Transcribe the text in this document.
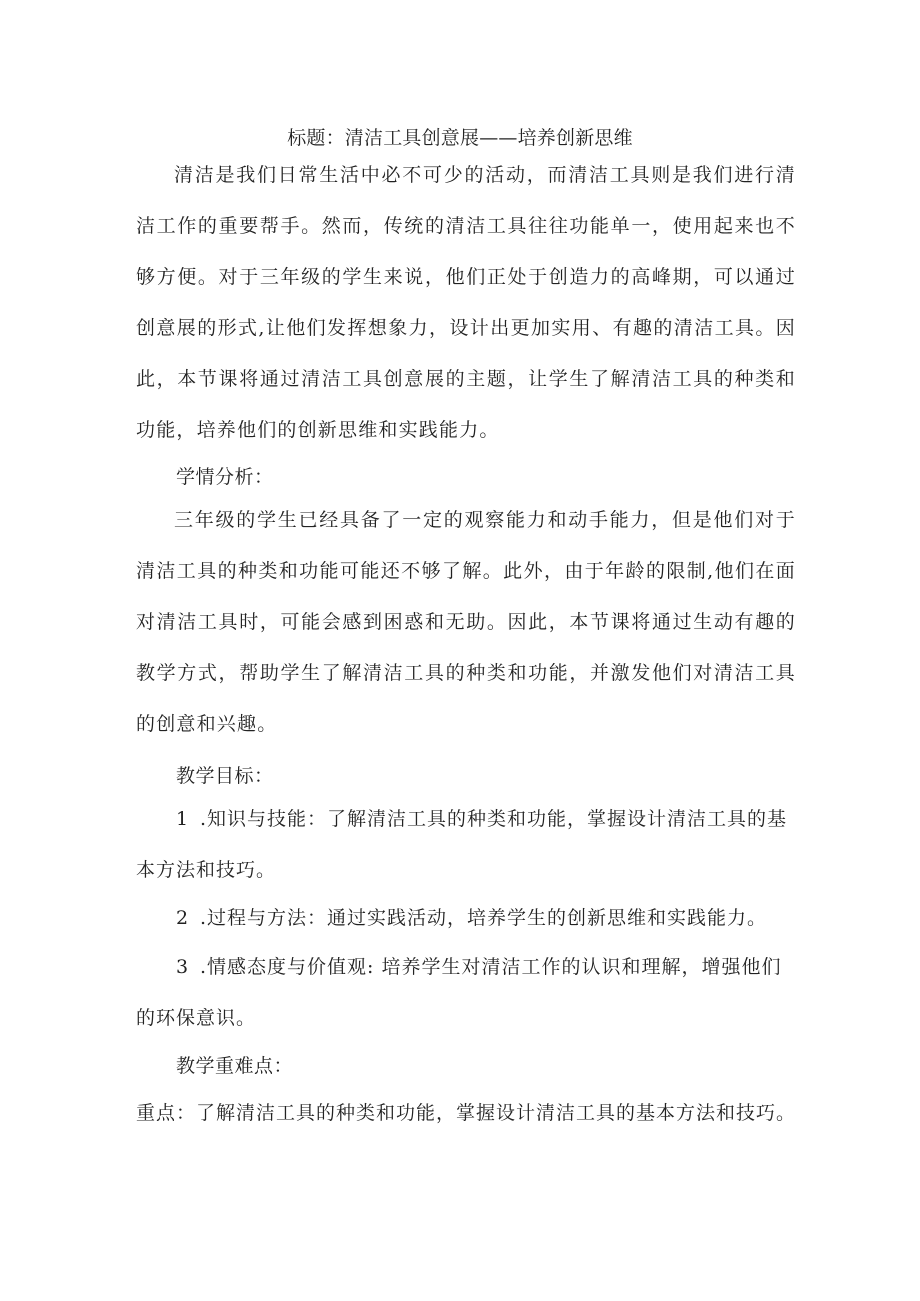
标题：清洁工具创意展——培养创新思维

清洁是我们日常生活中必不可少的活动，而清洁工具则是我们进行清洁工作的重要帮手。然而，传统的清洁工具往往功能单一，使用起来也不够方便。对于三年级的学生来说，他们正处于创造力的高峰期，可以通过创意展的形式,让他们发挥想象力，设计出更加实用、有趣的清洁工具。因此，本节课将通过清洁工具创意展的主题，让学生了解清洁工具的种类和功能，培养他们的创新思维和实践能力。

学情分析：

三年级的学生已经具备了一定的观察能力和动手能力，但是他们对于清洁工具的种类和功能可能还不够了解。此外，由于年龄的限制,他们在面对清洁工具时，可能会感到困惑和无助。因此，本节课将通过生动有趣的教学方式，帮助学生了解清洁工具的种类和功能，并激发他们对清洁工具的创意和兴趣。

教学目标：

1 .知识与技能：了解清洁工具的种类和功能，掌握设计清洁工具的基本方法和技巧。

2 .过程与方法：通过实践活动，培养学生的创新思维和实践能力。

3 .情感态度与价值观: 培养学生对清洁工作的认识和理解，增强他们的环保意识。

教学重难点：

重点：了解清洁工具的种类和功能，掌握设计清洁工具的基本方法和技巧。
